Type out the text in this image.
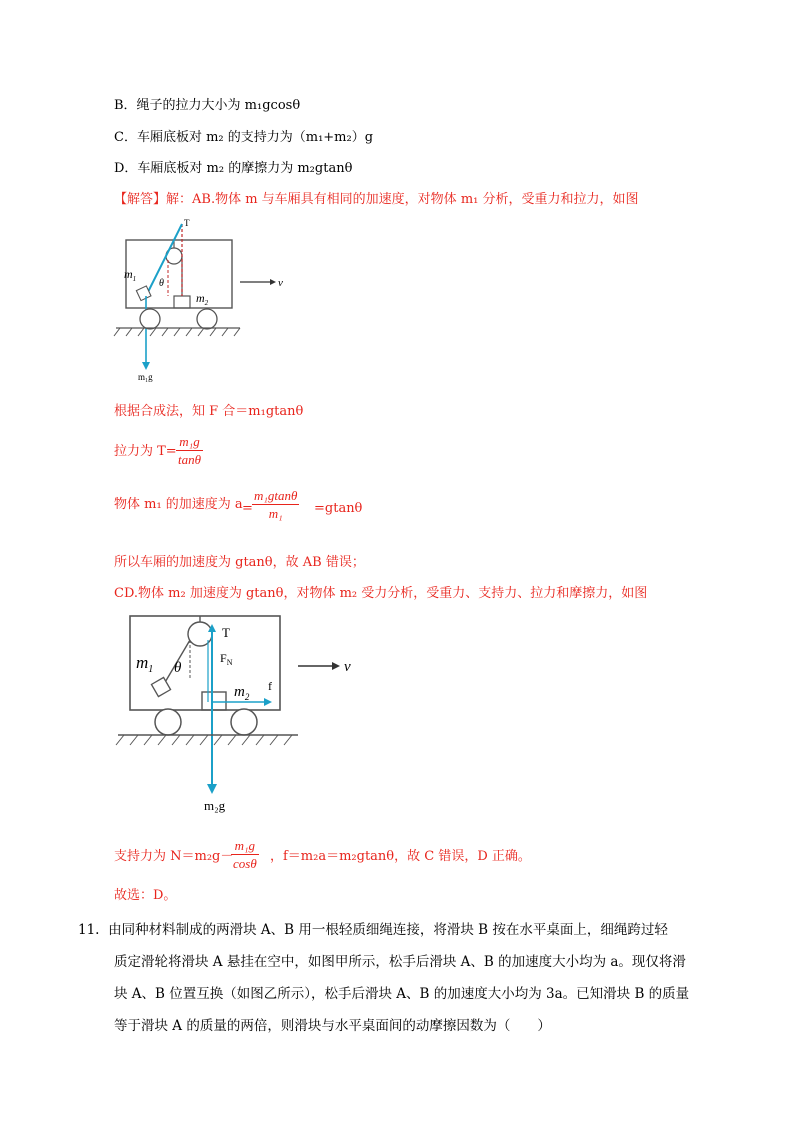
B．绳子的拉力大小为 m₁gcosθ
C．车厢底板对 m₂ 的支持力为（m₁+m₂）g
D．车厢底板对 m₂ 的摩擦力为 m₂gtanθ
【解答】解：AB.物体 m 与车厢具有相同的加速度，对物体 m₁ 分析，受重力和拉力，如图
v
T
$m_1$ θ
$m_2$
m₁g
根据合成法，知 F 合＝m₁gtanθ
拉力为 $T= \frac{\text{m₁g}}{\tan\theta}$
物体 m₁ 的加速度为 $a = \frac{\text{m₁gtanθ}}{\text{m₁}} =gtan\theta$
所以车厢的加速度为 gtanθ，故 AB 错误；
CD.物体 m₂ 加速度为 gtanθ，对物体 m₂ 受力分析，受重力、支持力、拉力和摩擦力，如图
v
T
$F_N$
$m_1$ θ
$m_2$
f
m₂g
支持力为 N＝m₂g－
$\frac{\text{m₁g}}{\cos\theta}$ ，f＝m₂a＝m₂gtanθ，故 C 错误，D 正确。
故选：D。
11. 由同种材料制成的两滑块 A、B 用一根轻质细绳连接，将滑块 B 按在水平桌面上，细绳跨过轻
质定滑轮将滑块 A 悬挂在空中，如图甲所示，松手后滑块 A、B 的加速度大小均为 a。现仅将滑
块 A、B 位置互换（如图乙所示），松手后滑块 A、B 的加速度大小均为 3a。已知滑块 B 的质量
等于滑块 A 的质量的两倍，则滑块与水平桌面间的动摩擦因数为（　　）
